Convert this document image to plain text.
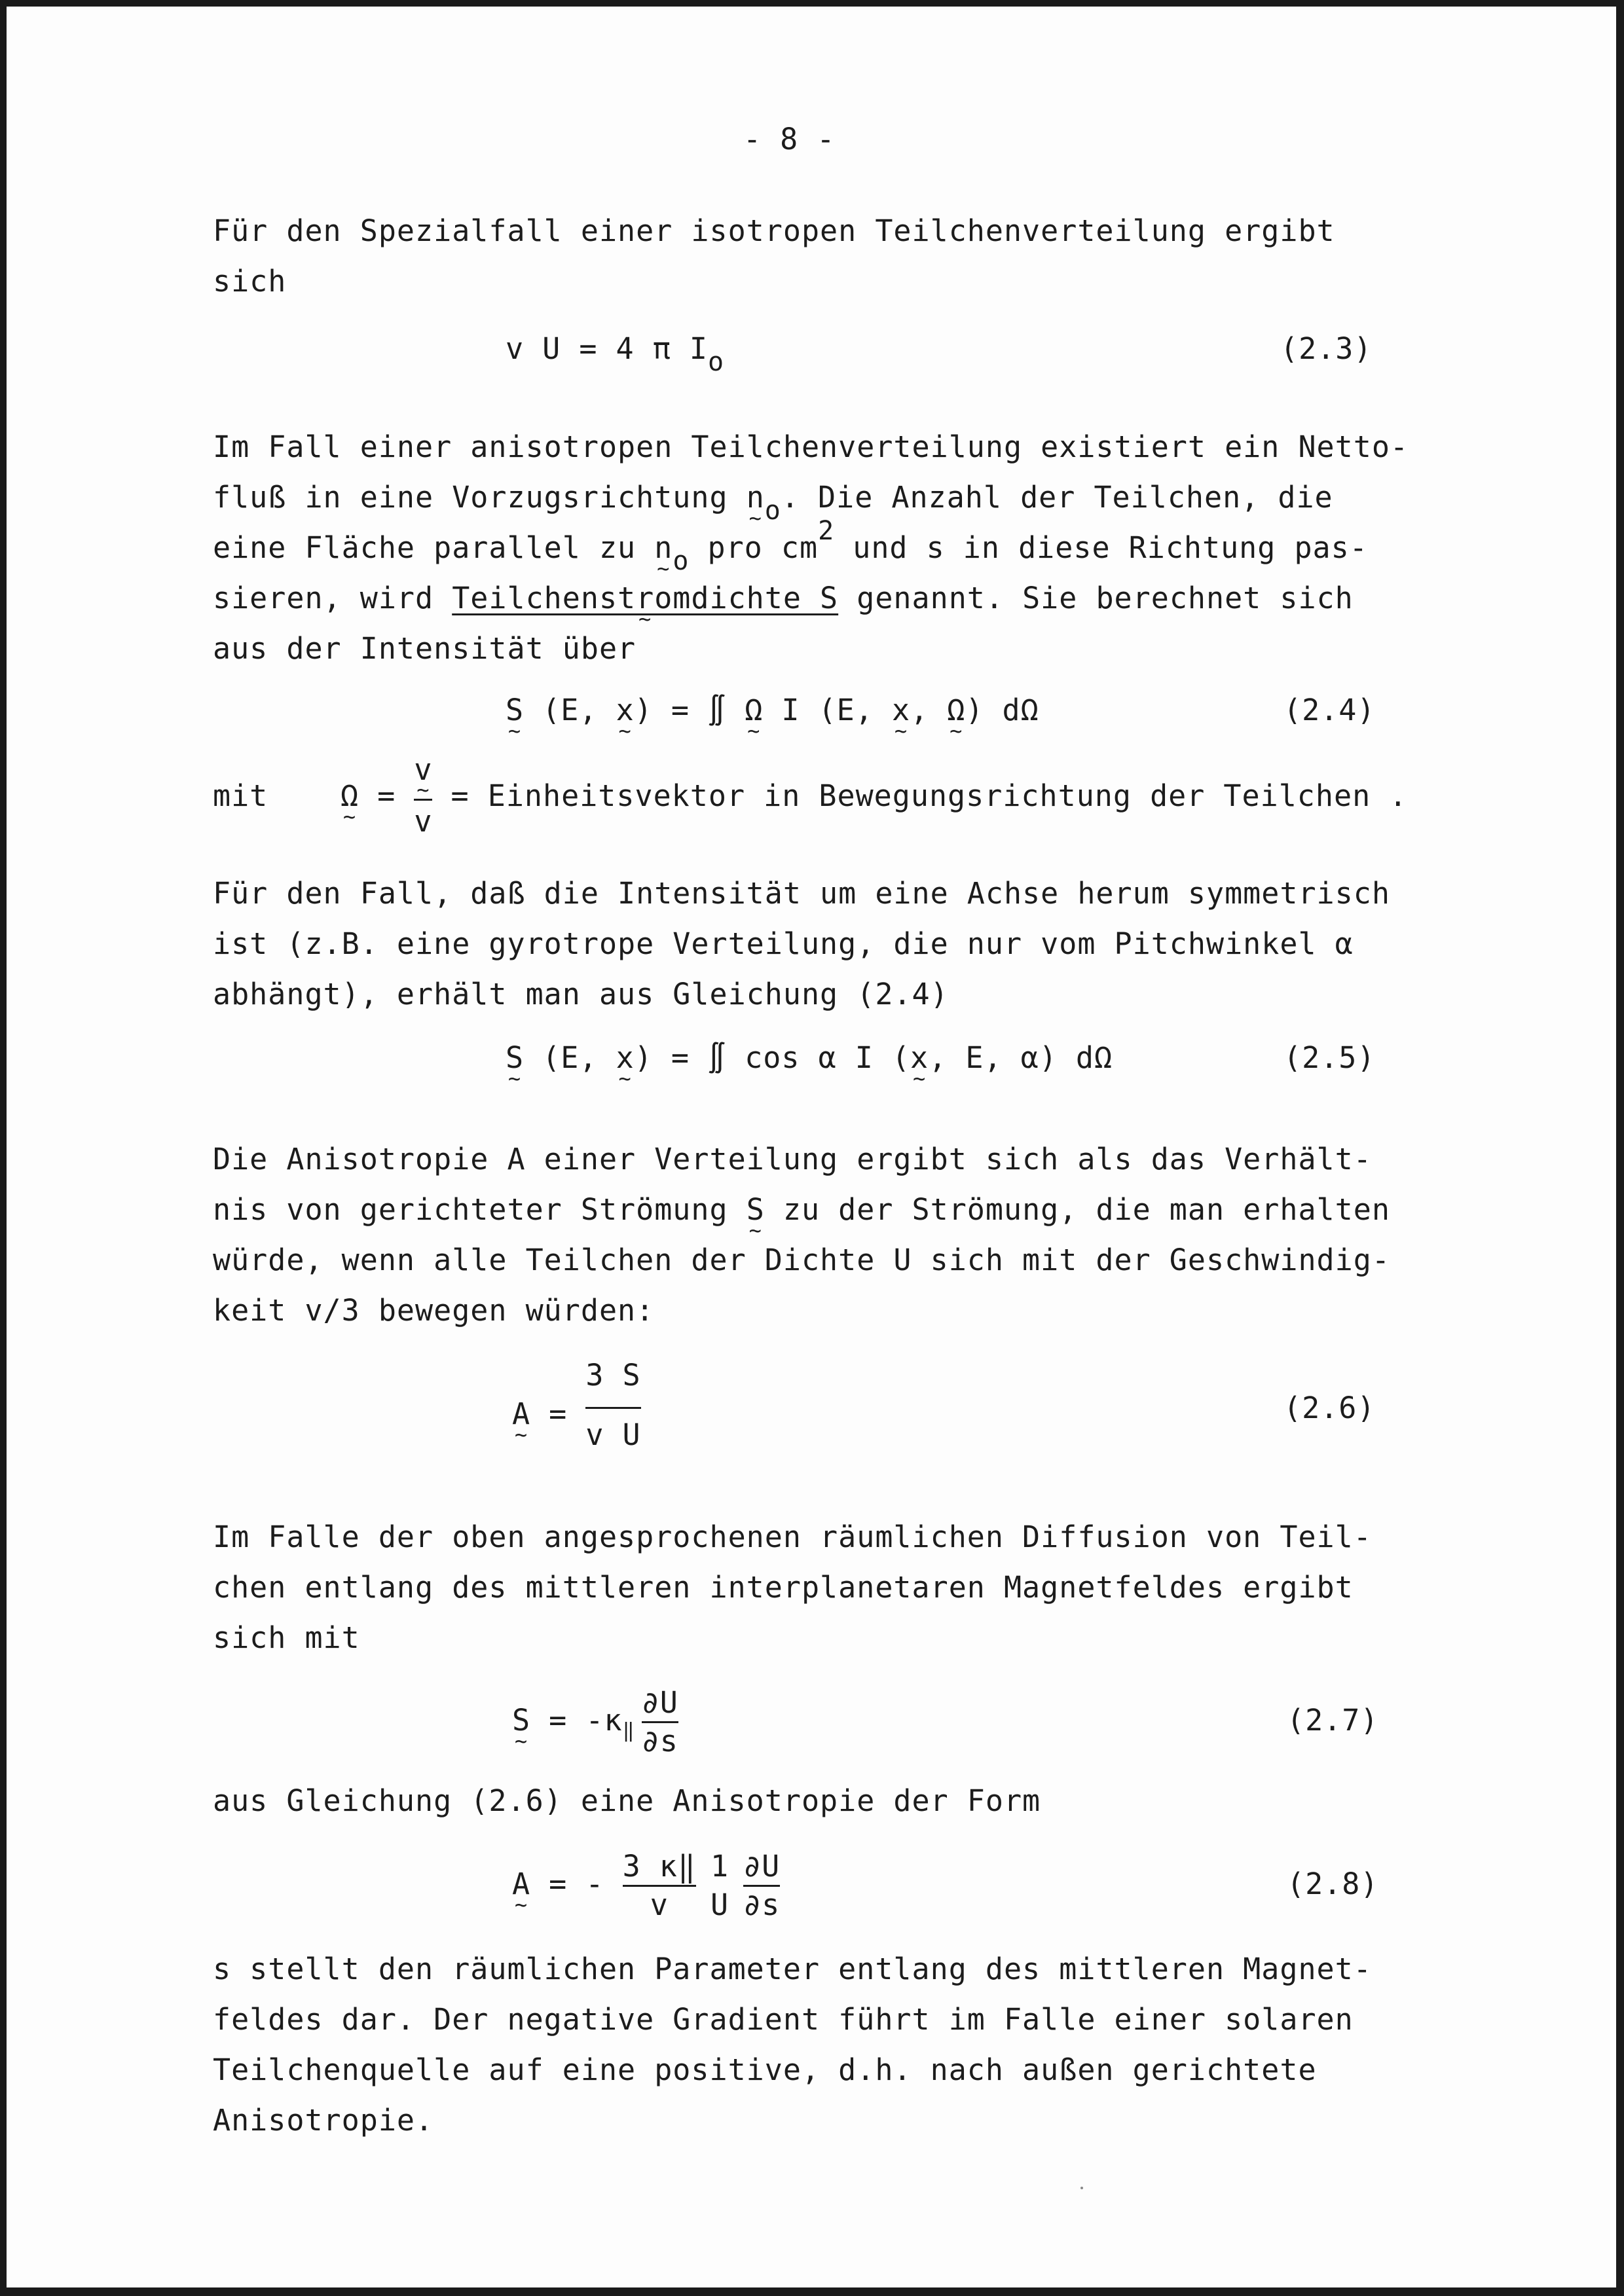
- 8 -
Für den Spezialfall einer isotropen Teilchenverteilung ergibt
sich
v U = 4 π Io	(2.3)
Im Fall einer anisotropen Teilchenverteilung existiert ein Netto-
fluß in eine Vorzugsrichtung n ~o. Die Anzahl der Teilchen, die
eine Fläche parallel zu n ~o pro cm2 und s in diese Richtung pas-
sieren, wird Teilchenstromdichte S ~ genannt. Sie berechnet sich
aus der Intensität über
S ~ (E, x ~) = ∬ Ω ~ I (E, x ~, Ω ~) dΩ	(2.4)
mit Ω ~ = $\frac{v \sim}{v}$ = Einheitsvektor in Bewegungsrichtung der Teilchen .
Für den Fall, daß die Intensität um eine Achse herum symmetrisch
ist (z.B. eine gyrotrope Verteilung, die nur vom Pitchwinkel α
abhängt), erhält man aus Gleichung (2.4)
S ~ (E, x ~) = ∬ cos α I (x ~, E, α) dΩ	(2.5)
Die Anisotropie A einer Verteilung ergibt sich als das Verhält-
nis von gerichteter Strömung S ~ zu der Strömung, die man erhalten
würde, wenn alle Teilchen der Dichte U sich mit der Geschwindig-
keit v/3 bewegen würden:
A ~ = $\frac{3 S}{\text{v U}}$	(2.6)
Im Falle der oben angesprochenen räumlichen Diffusion von Teil-
chen entlang des mittleren interplanetaren Magnetfeldes ergibt
sich mit
S ~ = $-\kappa_‖ \frac{\partial U}{\partial s}$	(2.7)
aus Gleichung (2.6) eine Anisotropie der Form
A ~ = - $\frac{3 \kappa‖}{v} 1$
U $\frac{\partial U}{\partial s}$	(2.8)
s stellt den räumlichen Parameter entlang des mittleren Magnet-
feldes dar. Der negative Gradient führt im Falle einer solaren
Teilchenquelle auf eine positive, d.h. nach außen gerichtete
Anisotropie.
